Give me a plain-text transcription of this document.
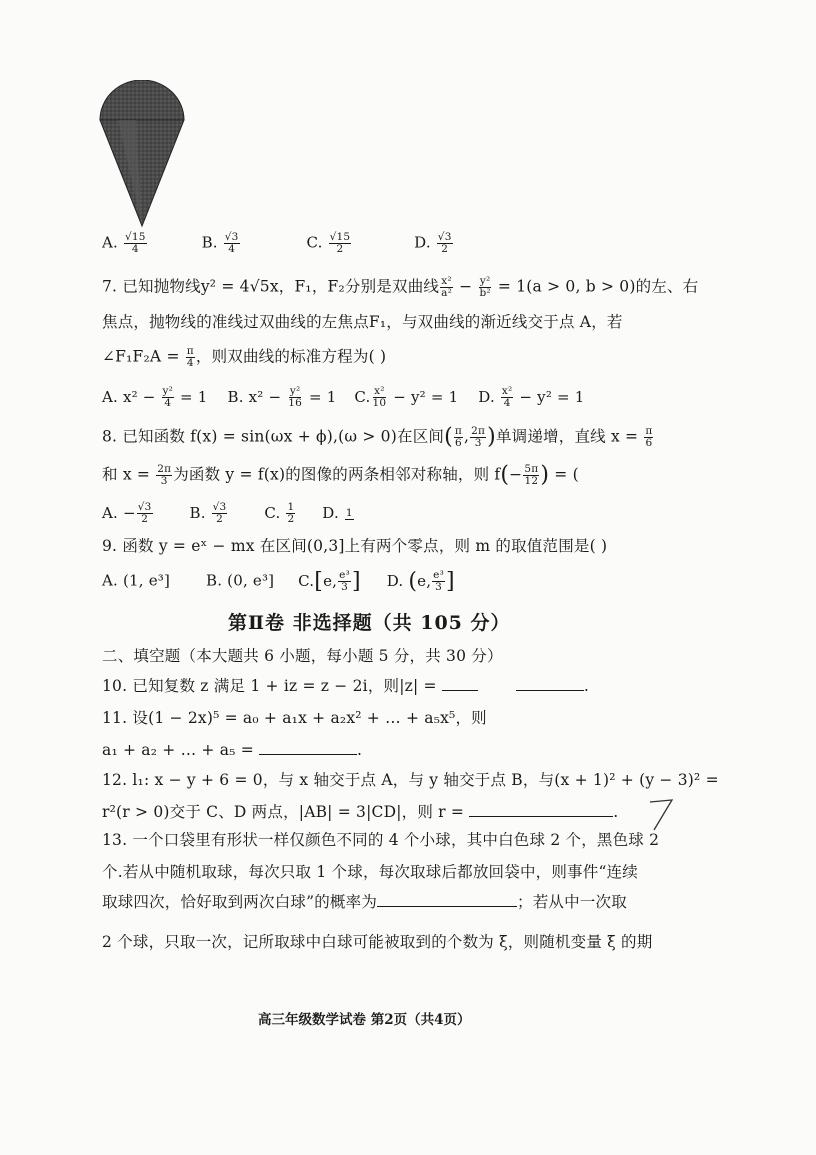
A. $\frac{√15}{4}$	B. $\frac{√3}{4}$	C. $\frac{√15}{2}$	D. $\frac{√3}{2}$
7. 已知抛物线y² = 4√5x，F₁，F₂分别是双曲线 $\frac{\text{x²}}{\text{a²}} - \frac{\text{y²}}{\text{b²}} = 1(a > 0$, b > 0)的左、右
焦点，抛物线的准线过双曲线的左焦点F₁，与双曲线的渐近线交于点 A，若
∠F₁F₂A = $\frac{\pi}{4}$ ，则双曲线的标准方程为( )
A. $x^2 - \frac{\text{y²}}{4} = 1$ B. $x^2 - \frac{\text{y²}}{16} = 1$ C. $\frac{\text{x²}}{10} - y^2 = 1$ D. $\frac{\text{x²}}{4} - y^2 = 1$
8. 已知函数 f(x) = sin(ωx + ϕ),(ω > 0)在区间( $\frac{\pi}{6}$ , $\frac{2\pi}{3}$ )单调递增，直线 $x = \frac{\pi}{6}$
和 $x = \frac{2\pi}{3}$ 为函数 y = f(x)的图像的两条相邻对称轴，则 $f(- \frac{5\pi}{12}$ ) = (
A. − $\frac{√3}{2} B$. $\frac{√3}{2} C$. $\frac{1}{2} D$. 1
9. 函数 y = eˣ − mx 在区间(0,3]上有两个零点，则 m 的取值范围是( )
A. (1, e³] B. (0, e³] C.[e, $\frac{\text{e³}}{3}$ ] D. (e, $\frac{\text{e³}}{3}$ ]
第Ⅱ卷 非选择题（共 105 分）
二、填空题（本大题共 6 小题，每小题 5 分，共 30 分）
10. 已知复数 z 满足 1 + iz = z − 2i，则|z| =	.
11. 设(1 − 2x)⁵ = a₀ + a₁x + a₂x² + … + a₅x⁵，则
a₁ + a₂ + … + a₅ =	.
12. l₁: x − y + 6 = 0，与 x 轴交于点 A，与 y 轴交于点 B，与(x + 1)² + (y − 3)² =
r²(r > 0)交于 C、D 两点，|AB| = 3|CD|，则 r =	.
13. 一个口袋里有形状一样仅颜色不同的 4 个小球，其中白色球 2 个，黑色球 2
个.若从中随机取球，每次只取 1 个球，每次取球后都放回袋中，则事件“连续
取球四次，恰好取到两次白球”的概率为	；若从中一次取
2 个球，只取一次，记所取球中白球可能被取到的个数为 ξ，则随机变量 ξ 的期
高三年级数学试卷 第2页（共4页）
